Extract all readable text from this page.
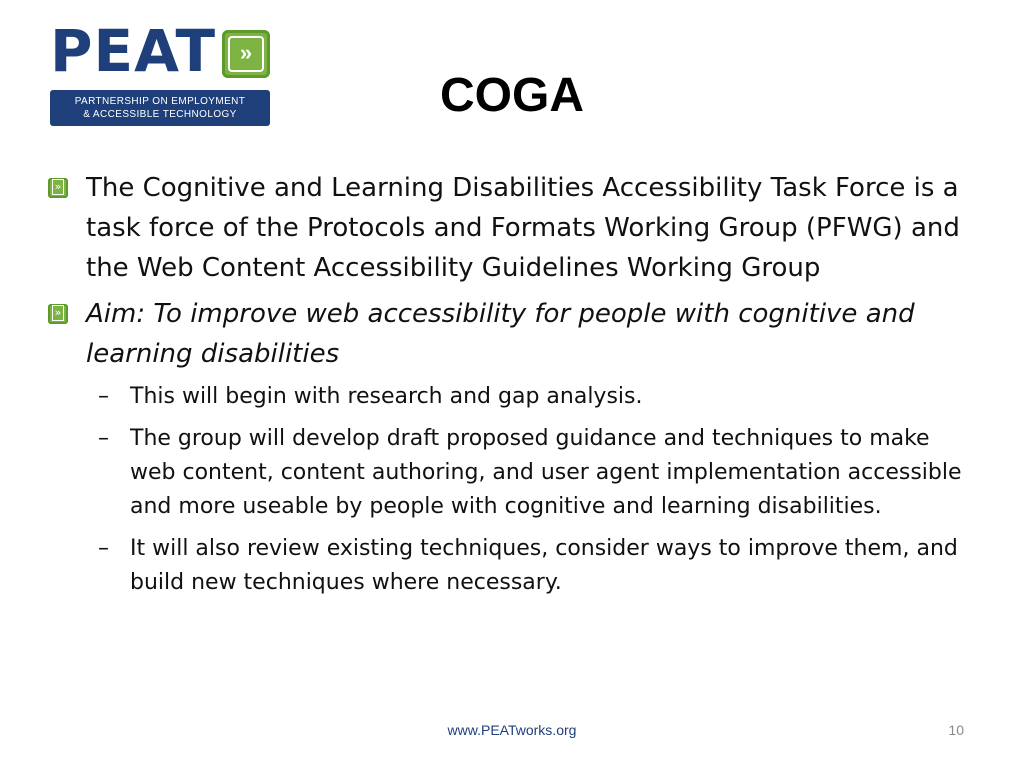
PEAT	»
PARTNERSHIP ON EMPLOYMENT
& ACCESSIBLE TECHNOLOGY	COGA
»
The Cognitive and Learning Disabilities Accessibility Task Force is a task force of the Protocols and Formats Working Group (PFWG) and the Web Content Accessibility Guidelines Working Group
»
Aim: To improve web accessibility for people with cognitive and learning disabilities
– This will begin with research and gap analysis.
– The group will develop draft proposed guidance and techniques to make web content, content authoring, and user agent implementation accessible and more useable by people with cognitive and learning disabilities.
– It will also review existing techniques, consider ways to improve them, and build new techniques where necessary.
www.PEATworks.org	10
